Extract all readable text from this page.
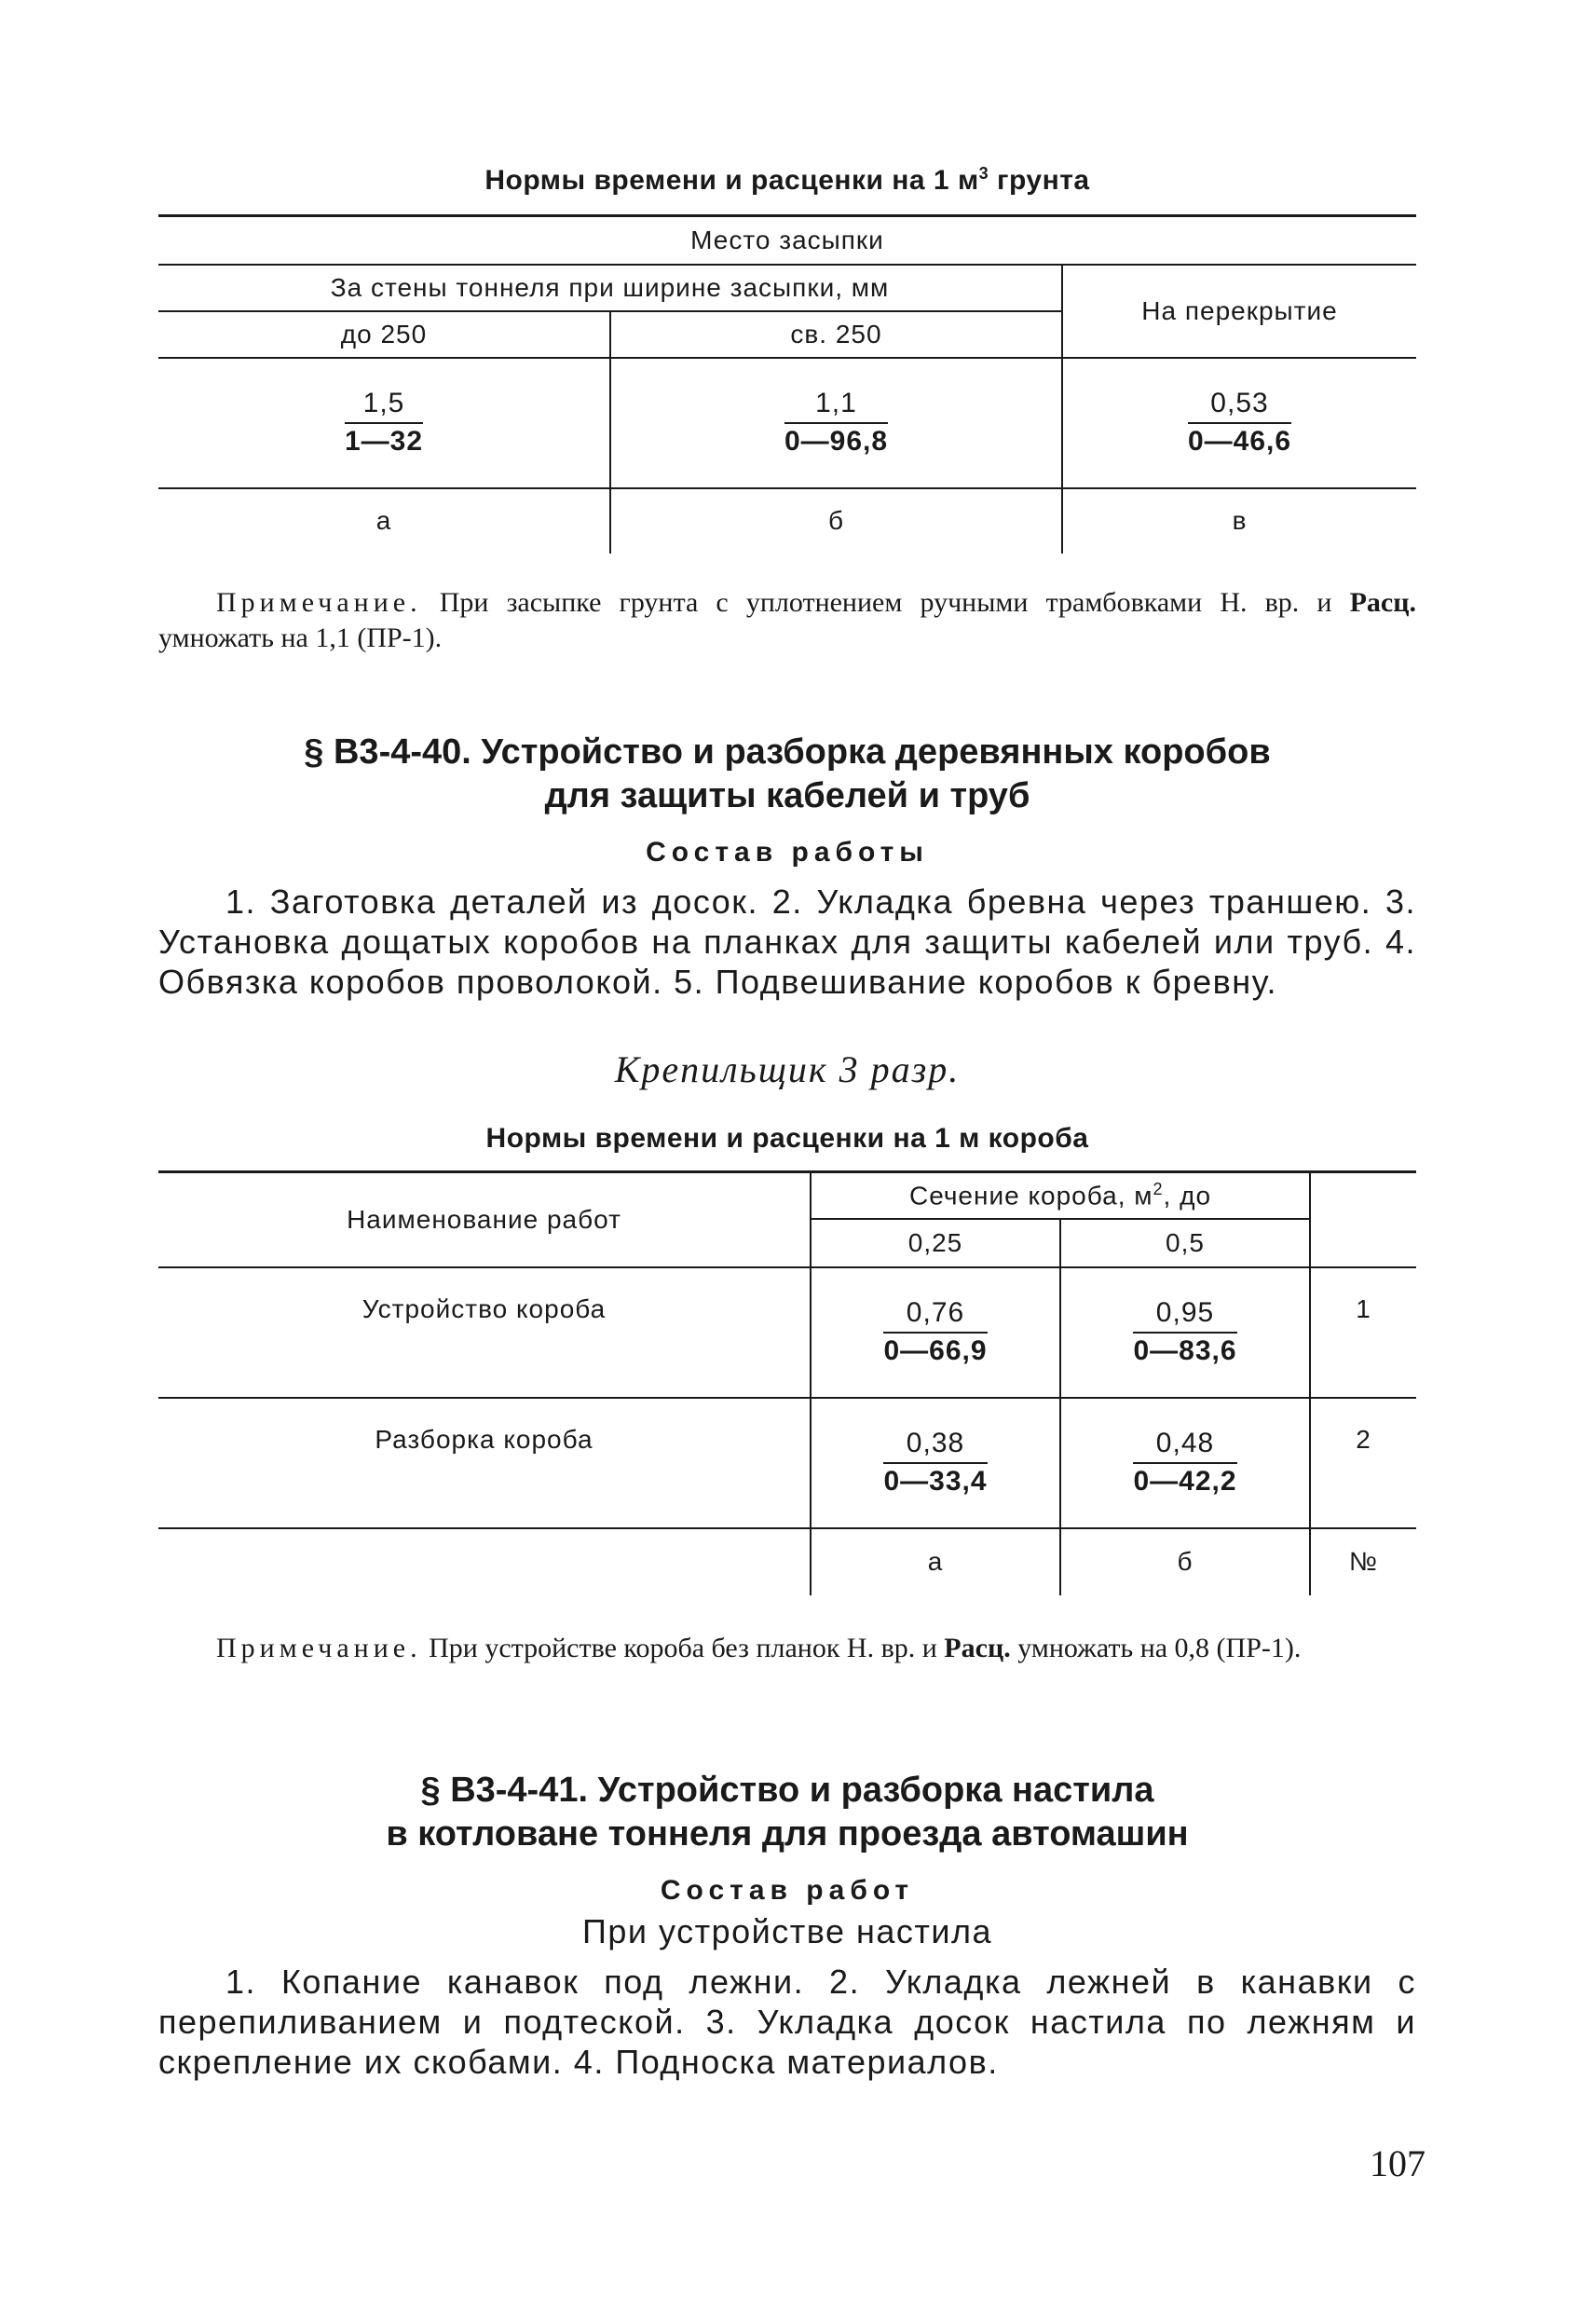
Нормы времени и расценки на 1 $м^3$ грунта
Место засыпки		
За стены тоннеля при ширине засыпки, мм		На перекрытие
до 250	св. 250	

$\frac{1,5}{1—32}$	$\frac{1,1}{0—96,8}$	$\frac{0,53}{0—46,6}$

а	б	в
Примечание. При засыпке грунта с уплотнением ручными трамбовками Н. вр. и Расц. умножать на 1,1 (ПР-1).
§ В3-4-40. Устройство и разборка деревянных коробов
для защиты кабелей и труб
Состав работы
1. Заготовка деталей из досок. 2. Укладка бревна через траншею. 3. Установка дощатых коробов на планках для защиты кабелей или труб. 4. Обвязка коробов проволокой. 5. Подвешивание коробов к бревну.
Крепильщик 3 разр.
Нормы времени и расценки на 1 м короба
Наименование работ	Сечение короба, $м^2$, до		
	0,25	0,5	
Устройство короба	$\frac{0,76}{0—66,9}$	$\frac{0,95}{0—83,6}$	1
Разборка короба	$\frac{0,38}{0—33,4}$	$\frac{0,48}{0—42,2}$	2
	а	б	№
Примечание. При устройстве короба без планок Н. вр. и Расц. умножать на 0,8 (ПР-1).
§ В3-4-41. Устройство и разборка настила
в котловане тоннеля для проезда автомашин
Состав работ
При устройстве настила
1. Копание канавок под лежни. 2. Укладка лежней в канавки с перепиливанием и подтеской. 3. Укладка досок настила по лежням и скрепление их скобами. 4. Подноска материалов.
107
